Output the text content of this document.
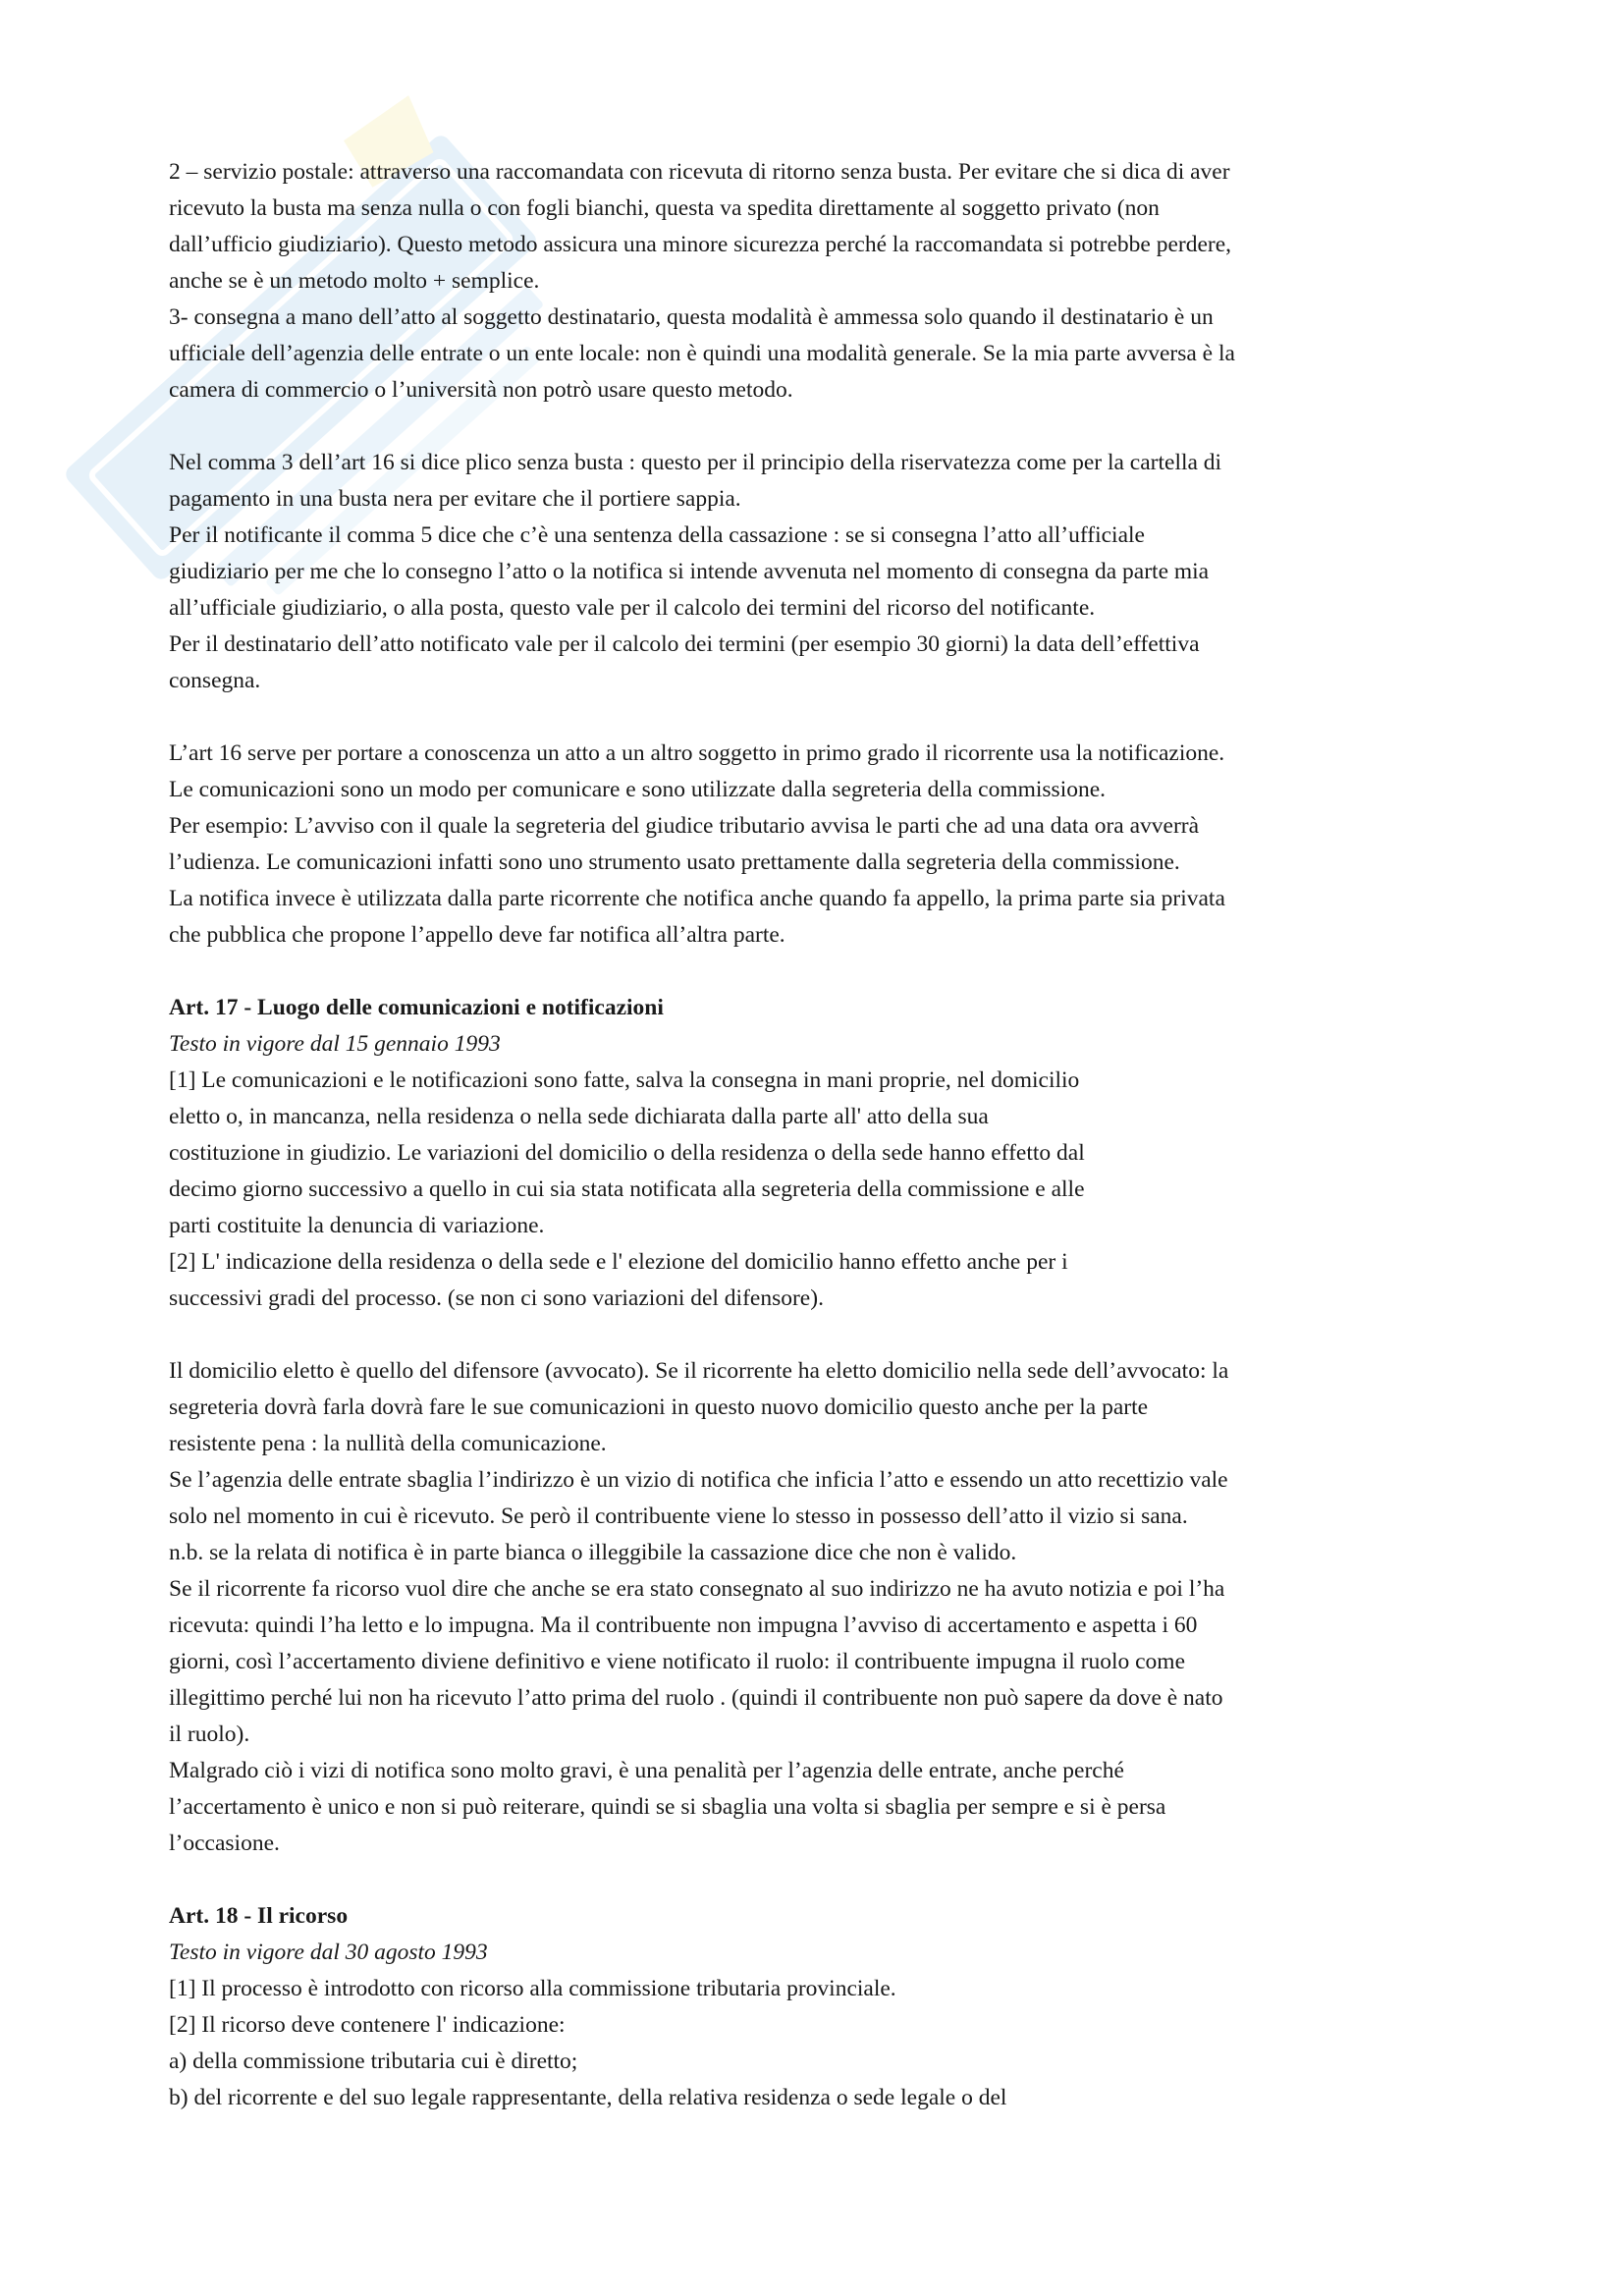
2 – servizio postale: attraverso una raccomandata con ricevuta di ritorno senza busta. Per evitare che si dica di aver
ricevuto la busta ma senza nulla o con fogli bianchi, questa va spedita direttamente al soggetto privato (non
dall’ufficio giudiziario). Questo metodo assicura una minore sicurezza perché la raccomandata si potrebbe perdere,
anche se è un metodo molto + semplice.
3- consegna a mano dell’atto al soggetto destinatario, questa modalità è ammessa solo quando il destinatario è un
ufficiale dell’agenzia delle entrate o un ente locale: non è quindi una modalità generale. Se la mia parte avversa è la
camera di commercio o l’università non potrò usare questo metodo.
Nel comma 3 dell’art 16 si dice plico senza busta : questo per il principio della riservatezza come per la cartella di
pagamento in una busta nera per evitare che il portiere sappia.
Per il notificante il comma 5 dice che c’è una sentenza della cassazione : se si consegna l’atto all’ufficiale
giudiziario per me che lo consegno l’atto o la notifica si intende avvenuta nel momento di consegna da parte mia
all’ufficiale giudiziario, o alla posta, questo vale per il calcolo dei termini del ricorso del notificante.
Per il destinatario dell’atto notificato vale per il calcolo dei termini (per esempio 30 giorni) la data dell’effettiva
consegna.
L’art 16 serve per portare a conoscenza un atto a un altro soggetto in primo grado il ricorrente usa la notificazione.
Le comunicazioni sono un modo per comunicare e sono utilizzate dalla segreteria della commissione.
Per esempio: L’avviso con il quale la segreteria del giudice tributario avvisa le parti che ad una data ora avverrà
l’udienza. Le comunicazioni infatti sono uno strumento usato prettamente dalla segreteria della commissione.
La notifica invece è utilizzata dalla parte ricorrente che notifica anche quando fa appello, la prima parte sia privata
che pubblica che propone l’appello deve far notifica all’altra parte.
Art. 17 - Luogo delle comunicazioni e notificazioni
Testo in vigore dal 15 gennaio 1993
[1] Le comunicazioni e le notificazioni sono fatte, salva la consegna in mani proprie, nel domicilio
eletto o, in mancanza, nella residenza o nella sede dichiarata dalla parte all' atto della sua
costituzione in giudizio. Le variazioni del domicilio o della residenza o della sede hanno effetto dal
decimo giorno successivo a quello in cui sia stata notificata alla segreteria della commissione e alle
parti costituite la denuncia di variazione.
[2] L' indicazione della residenza o della sede e l' elezione del domicilio hanno effetto anche per i
successivi gradi del processo. (se non ci sono variazioni del difensore).
Il domicilio eletto è quello del difensore (avvocato). Se il ricorrente ha eletto domicilio nella sede dell’avvocato: la
segreteria dovrà farla dovrà fare le sue comunicazioni in questo nuovo domicilio questo anche per la parte
resistente pena : la nullità della comunicazione.
Se l’agenzia delle entrate sbaglia l’indirizzo è un vizio di notifica che inficia l’atto e essendo un atto recettizio vale
solo nel momento in cui è ricevuto. Se però il contribuente viene lo stesso in possesso dell’atto il vizio si sana.
n.b. se la relata di notifica è in parte bianca o illeggibile la cassazione dice che non è valido.
Se il ricorrente fa ricorso vuol dire che anche se era stato consegnato al suo indirizzo ne ha avuto notizia e poi l’ha
ricevuta: quindi l’ha letto e lo impugna. Ma il contribuente non impugna l’avviso di accertamento e aspetta i 60
giorni, così l’accertamento diviene definitivo e viene notificato il ruolo: il contribuente impugna il ruolo come
illegittimo perché lui non ha ricevuto l’atto prima del ruolo . (quindi il contribuente non può sapere da dove è nato
il ruolo).
Malgrado ciò i vizi di notifica sono molto gravi, è una penalità per l’agenzia delle entrate, anche perché
l’accertamento è unico e non si può reiterare, quindi se si sbaglia una volta si sbaglia per sempre e si è persa
l’occasione.
Art. 18 - Il ricorso
Testo in vigore dal 30 agosto 1993
[1] Il processo è introdotto con ricorso alla commissione tributaria provinciale.
[2] Il ricorso deve contenere l' indicazione:
a) della commissione tributaria cui è diretto;
b) del ricorrente e del suo legale rappresentante, della relativa residenza o sede legale o del
